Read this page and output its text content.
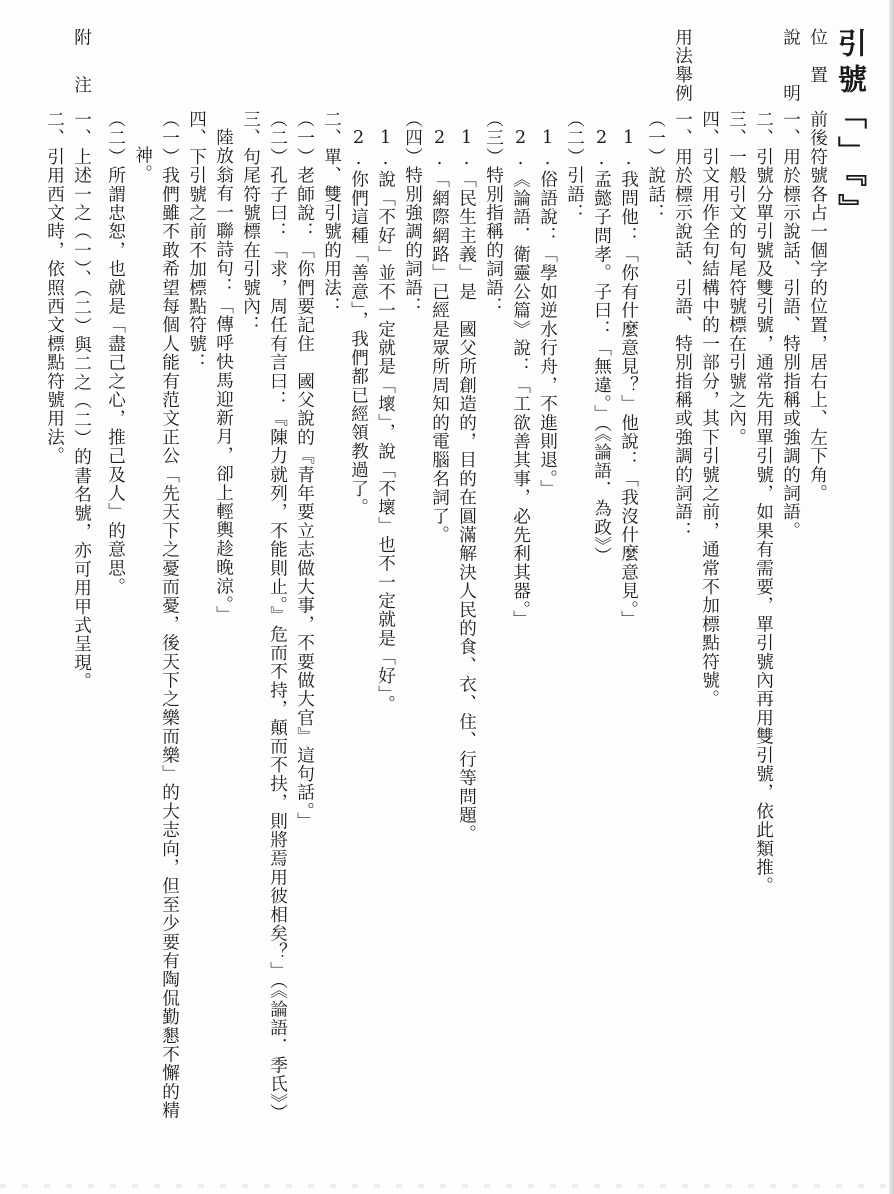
引號「」『』
位　置
前後符號各占一個字的位置，居右上、左下角。
說　　明
一、用於標示說話、引語、特別指稱或強調的詞語。
二、引號分單引號及雙引號，通常先用單引號，如果有需要，單引號內再用雙引號，依此類推。
三、一般引文的句尾符號標在引號之內。
四、引文用作全句結構中的一部分，其下引號之前，通常不加標點符號。
用法舉例
一、用於標示說話、引語、特別指稱或強調的詞語：
（一）說話：
1.我問他：「你有什麼意見？」他說：「我沒什麼意見。」
2.孟懿子問孝。子曰：「無違。」（《論語．為政》）
（二）引語：
1.俗語說：「學如逆水行舟，不進則退。」
2.《論語．衛靈公篇》說：「工欲善其事，必先利其器。」
（三）特別指稱的詞語：
1.「民生主義」是　國父所創造的，目的在圓滿解決人民的食、衣、住、行等問題。
2.「網際網路」已經是眾所周知的電腦名詞了。
（四）特別強調的詞語：
1.說「不好」並不一定就是「壞」，說「不壞」也不一定就是「好」。
2.你們這種「善意」，我們都已經領教過了。
二、單、雙引號的用法：
（一）老師說：「你們要記住　國父說的『青年要立志做大事，不要做大官』這句話。」
（二）孔子曰：「求，周任有言曰：『陳力就列，不能則止。』危而不持，顛而不扶，則將焉用彼相矣？」（《論語．季氏》）
三、句尾符號標在引號內：
陸放翁有一聯詩句：「傳呼快馬迎新月，卻上輕輿趁晚涼。」
四、下引號之前不加標點符號：
（一）我們雖不敢希望每個人能有范文正公「先天下之憂而憂，後天下之樂而樂」的大志向，但至少要有陶侃勤懇不懈的精
神。
（二）所謂忠恕，也就是「盡己之心，推己及人」的意思。
附注
一、上述一之（一）、（二）與二之（二）的書名號，亦可用甲式呈現。
二、引用西文時，依照西文標點符號用法。
